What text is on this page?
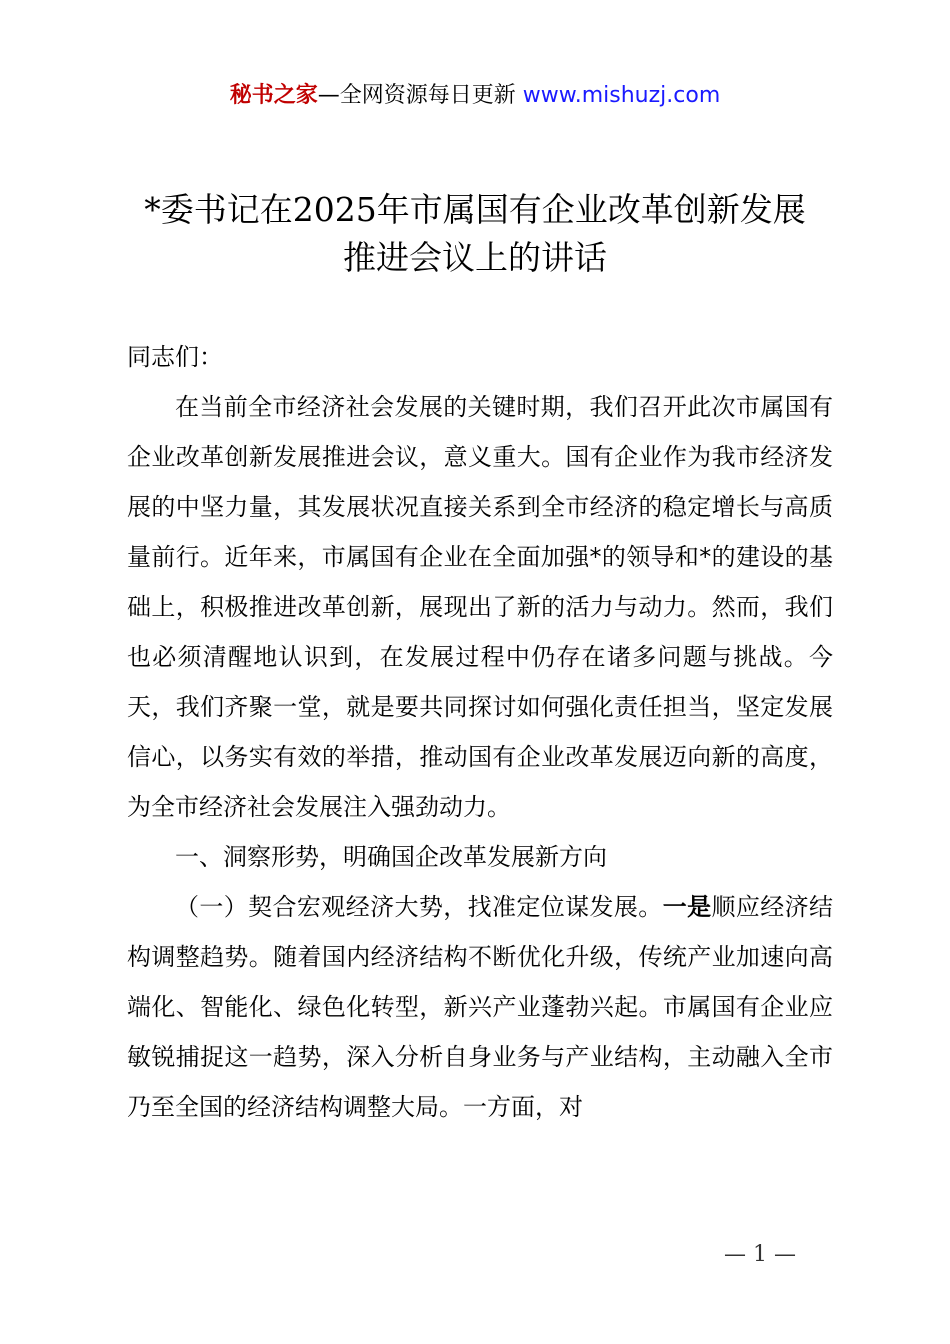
秘书之家—全网资源每日更新 www.mishuzj.com
*委书记在2025年市属国有企业改革创新发展
推进会议上的讲话

同志们：

在当前全市经济社会发展的关键时期，我们召开此次市属国有企业改革创新发展推进会议，意义重大。国有企业作为我市经济发展的中坚力量，其发展状况直接关系到全市经济的稳定增长与高质量前行。近年来，市属国有企业在全面加强*的领导和*的建设的基础上，积极推进改革创新，展现出了新的活力与动力。然而，我们也必须清醒地认识到，在发展过程中仍存在诸多问题与挑战。今天，我们齐聚一堂，就是要共同探讨如何强化责任担当，坚定发展信心，以务实有效的举措，推动国有企业改革发展迈向新的高度，为全市经济社会发展注入强劲动力。

一、洞察形势，明确国企改革发展新方向

（一）契合宏观经济大势，找准定位谋发展。一是顺应经济结构调整趋势。随着国内经济结构不断优化升级，传统产业加速向高端化、智能化、绿色化转型，新兴产业蓬勃兴起。市属国有企业应敏锐捕捉这一趋势，深入分析自身业务与产业结构，主动融入全市乃至全国的经济结构调整大局。一方面，对

— 1 —
